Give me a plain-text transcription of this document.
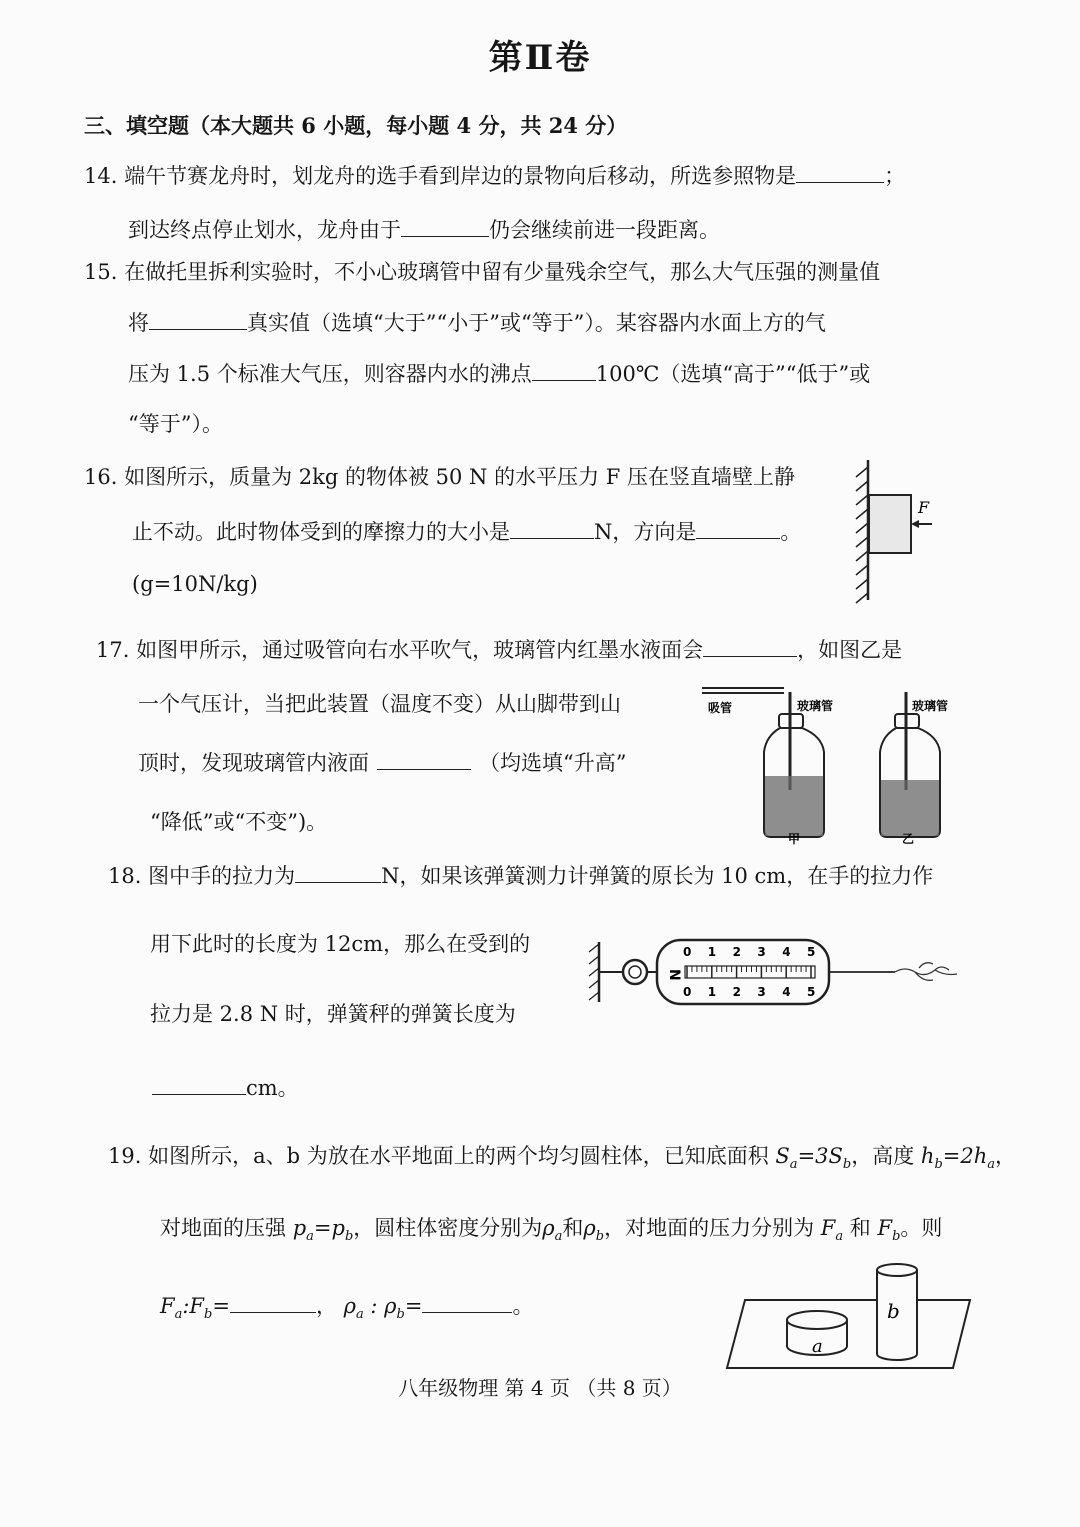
第Ⅱ卷
三、填空题（本大题共 6 小题，每小题 4 分，共 24 分）
14. 端午节赛龙舟时，划龙舟的选手看到岸边的景物向后移动，所选参照物是	；
到达终点停止划水，龙舟由于	仍会继续前进一段距离。
15. 在做托里拆利实验时，不小心玻璃管中留有少量残余空气，那么大气压强的测量值
将	真实值（选填“大于”“小于”或“等于”）。某容器内水面上方的气
压为 1.5 个标准大气压，则容器内水的沸点	100℃（选填“高于”“低于”或
“等于”）。
16. 如图所示，质量为 2kg 的物体被 50 N 的水平压力 F 压在竖直墙壁上静
止不动。此时物体受到的摩擦力的大小是	N，方向是	。
(g=10N/kg)
F
17. 如图甲所示，通过吸管向右水平吹气，玻璃管内红墨水液面会	，如图乙是
一个气压计，当把此装置（温度不变）从山脚带到山
顶时，发现玻璃管内液面	（均选填“升高”
“降低”或“不变”)。
吸管	玻璃管
甲
玻璃管
乙
18. 图中手的拉力为	N，如果该弹簧测力计弹簧的原长为 10 cm，在手的拉力作
用下此时的长度为 12cm，那么在受到的
拉力是 2.8 N 时，弹簧秤的弹簧长度为
cm。
N
0
0
1
1
2
2
3
3
4
4
5
5
19. 如图所示，a、b 为放在水平地面上的两个均匀圆柱体，已知底面积 $S_a=3S_b$，高度 $h_b=2h_a$，
对地面的压强 $p_a=p_b$，圆柱体密度分别为$\rho_a$和$\rho_b$，对地面的压力分别为 $F_a$ 和 $F_b$。则
$F_a:F_b=$	， $\rho_a$ : $\rho_b=$	。
a
b
八年级物理 第 4 页 （共 8 页）
